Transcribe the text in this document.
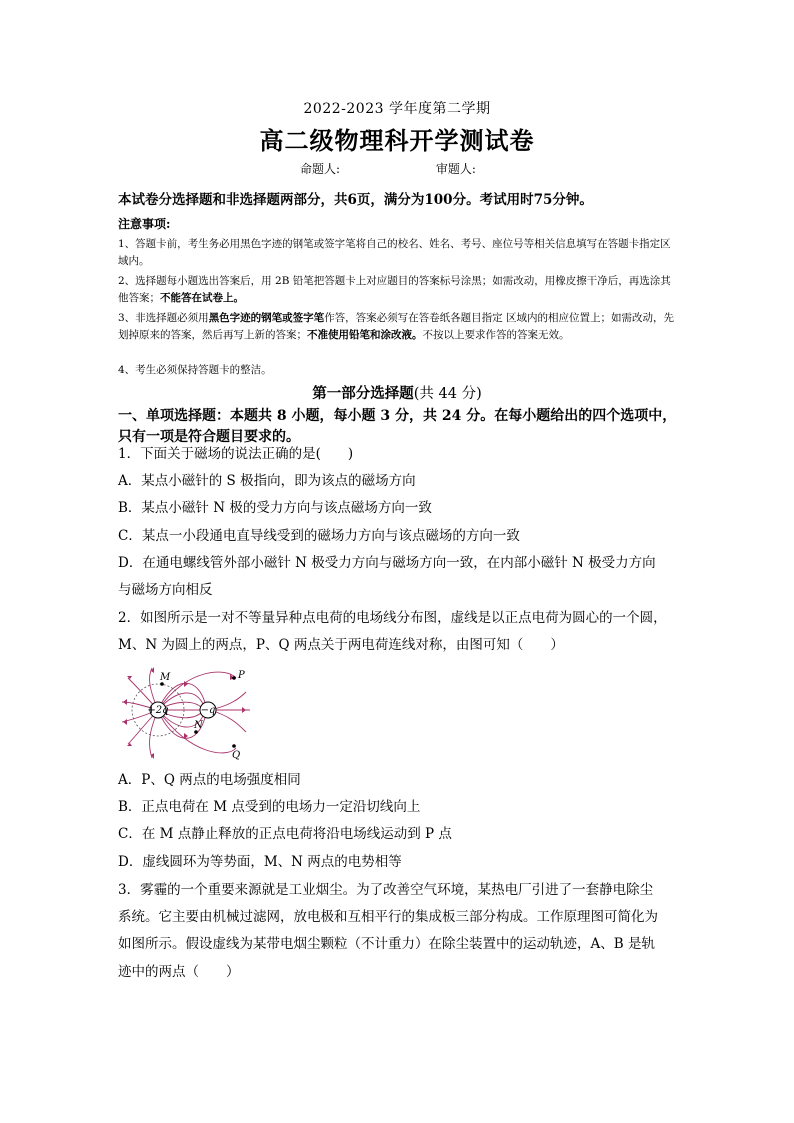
2022-2023 学年度第二学期
高二级物理科开学测试卷
命题人:	审题人:
本试卷分选择题和非选择题两部分，共6页，满分为100分。考试用时75分钟。
注意事项:
1、答题卡前，考生务必用黑色字迹的钢笔或签字笔将自己的校名、姓名、考号、座位号等相关信息填写在答题卡指定区域内。
2、选择题每小题选出答案后，用 2B 铅笔把答题卡上对应题目的答案标号涂黑；如需改动，用橡皮擦干净后，再选涂其他答案；不能答在试卷上。
3、非选择题必须用黑色字迹的钢笔或签字笔作答，答案必须写在答卷纸各题目指定 区域内的相应位置上；如需改动，先划掉原来的答案，然后再写上新的答案；不准使用铅笔和涂改液。不按以上要求作答的答案无效。
4、考生必须保持答题卡的整洁。
第一部分选择题(共 44 分)
一、单项选择题：本题共 8 小题，每小题 3 分，共 24 分。在每小题给出的四个选项中，只有一项是符合题目要求的。
1．下面关于磁场的说法正确的是(　　)
A．某点小磁针的 S 极指向，即为该点的磁场方向
B．某点小磁针 N 极的受力方向与该点磁场方向一致
C．某点一小段通电直导线受到的磁场力方向与该点磁场的方向一致
D．在通电螺线管外部小磁针 N 极受力方向与磁场方向一致，在内部小磁针 N 极受力方向
与磁场方向相反
2．如图所示是一对不等量异种点电荷的电场线分布图，虚线是以正点电荷为圆心的一个圆，
M、N 为圆上的两点，P、Q 两点关于两电荷连线对称，由图可知（　　）
+2q	−q
M
N
P
Q
A．P、Q 两点的电场强度相同
B．正点电荷在 M 点受到的电场力一定沿切线向上
C．在 M 点静止释放的正点电荷将沿电场线运动到 P 点
D．虚线圆环为等势面，M、N 两点的电势相等
3．雾霾的一个重要来源就是工业烟尘。为了改善空气环境，某热电厂引进了一套静电除尘
系统。它主要由机械过滤网，放电极和互相平行的集成板三部分构成。工作原理图可简化为
如图所示。假设虚线为某带电烟尘颗粒（不计重力）在除尘装置中的运动轨迹，A、B 是轨
迹中的两点（　　）
